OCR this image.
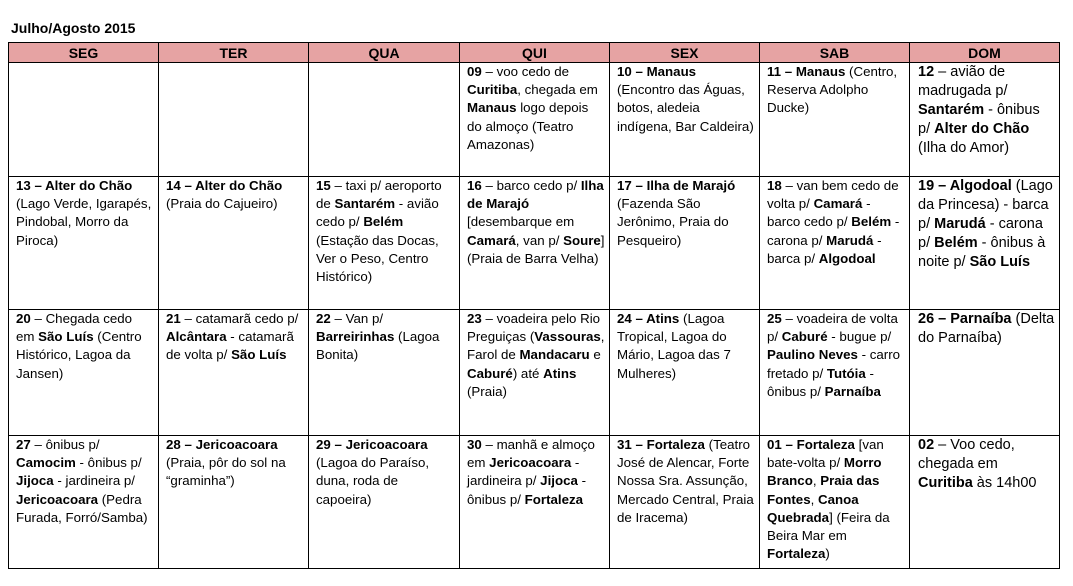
Julho/Agosto 2015
SEG	TER	QUA	QUI	SEX	SAB	DOM
			09 – voo cedo de Curitiba, chegada em Manaus logo depois do almoço (Teatro Amazonas)	10 – Manaus (Encontro das Águas, botos, aledeia indígena, Bar Caldeira)	11 – Manaus (Centro, Reserva Adolpho Ducke)	12 – avião de madrugada p/ Santarém - ônibus p/ Alter do Chão (Ilha do Amor)
13 – Alter do Chão (Lago Verde, Igarapés, Pindobal, Morro da Piroca)	14 – Alter do Chão (Praia do Cajueiro)	15 – taxi p/ aeroporto de Santarém - avião cedo p/ Belém (Estação das Docas, Ver o Peso, Centro Histórico)	16 – barco cedo p/ Ilha de Marajó [desembarque em Camará, van p/ Soure] (Praia de Barra Velha)	17 – Ilha de Marajó (Fazenda São Jerônimo, Praia do Pesqueiro)	18 – van bem cedo de volta p/ Camará - barco cedo p/ Belém - carona p/ Marudá - barca p/ Algodoal	19 – Algodoal (Lago da Princesa) - barca p/ Marudá - carona p/ Belém - ônibus à noite p/ São Luís
20 – Chegada cedo em São Luís (Centro Histórico, Lagoa da Jansen)	21 – catamarã cedo p/ Alcântara - catamarã de volta p/ São Luís	22 – Van p/ Barreirinhas (Lagoa Bonita)	23 – voadeira pelo Rio Preguiças (Vassouras, Farol de Mandacaru e Caburé) até Atins (Praia)	24 – Atins (Lagoa Tropical, Lagoa do Mário, Lagoa das 7 Mulheres)	25 – voadeira de volta p/ Caburé - bugue p/ Paulino Neves - carro fretado p/ Tutóia - ônibus p/ Parnaíba	26 – Parnaíba (Delta do Parnaíba)
27 – ônibus p/ Camocim - ônibus p/ Jijoca - jardineira p/ Jericoacoara (Pedra Furada, Forró/Samba)	28 – Jericoacoara (Praia, pôr do sol na “graminha”)	29 – Jericoacoara (Lagoa do Paraíso, duna, roda de capoeira)	30 – manhã e almoço em Jericoacoara - jardineira p/ Jijoca - ônibus p/ Fortaleza	31 – Fortaleza (Teatro José de Alencar, Forte Nossa Sra. Assunção, Mercado Central, Praia de Iracema)	01 – Fortaleza [van bate-volta p/ Morro Branco, Praia das Fontes, Canoa Quebrada] (Feira da Beira Mar em Fortaleza)	02 – Voo cedo, chegada em Curitiba às 14h00
